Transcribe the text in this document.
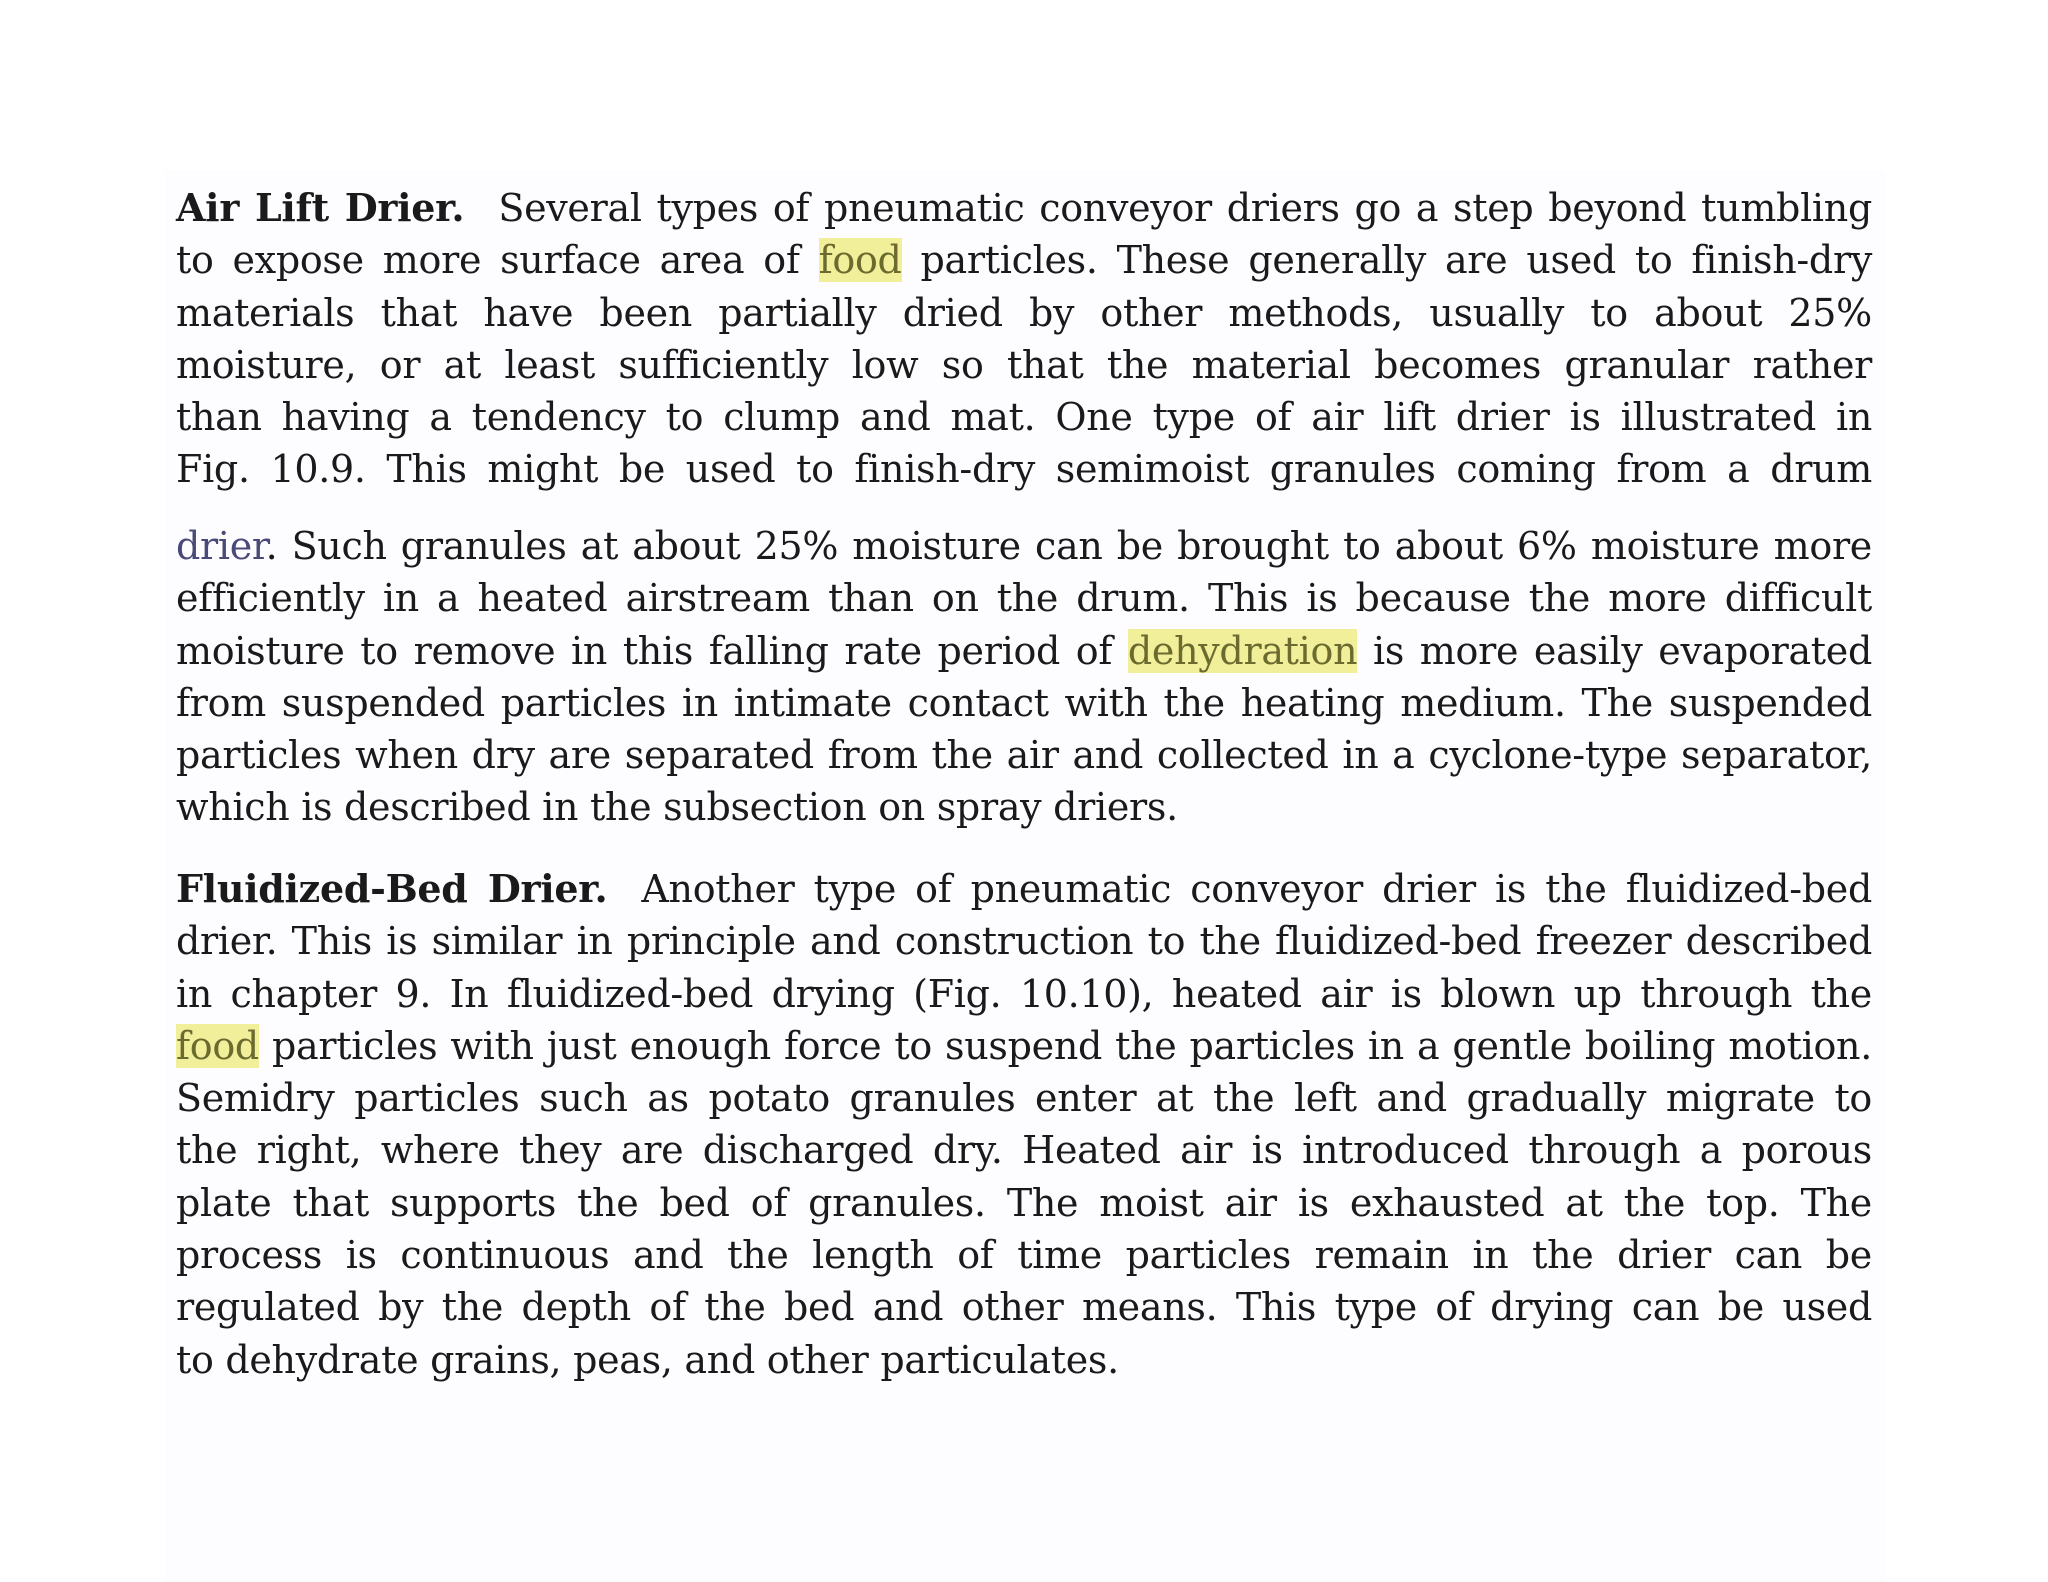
Air Lift Drier. Several types of pneumatic conveyor driers go a step beyond tumbling
to expose more surface area of food particles. These generally are used to finish-dry
materials that have been partially dried by other methods, usually to about 25%
moisture, or at least sufficiently low so that the material becomes granular rather
than having a tendency to clump and mat. One type of air lift drier is illustrated in
Fig. 10.9. This might be used to finish-dry semimoist granules coming from a drum
drier. Such granules at about 25% moisture can be brought to about 6% moisture more
efficiently in a heated airstream than on the drum. This is because the more difficult
moisture to remove in this falling rate period of dehydration is more easily evaporated
from suspended particles in intimate contact with the heating medium. The suspended
particles when dry are separated from the air and collected in a cyclone-type separator,
which is described in the subsection on spray driers.
Fluidized-Bed Drier. Another type of pneumatic conveyor drier is the fluidized-bed
drier. This is similar in principle and construction to the fluidized-bed freezer described
in chapter 9. In fluidized-bed drying (Fig. 10.10), heated air is blown up through the
food particles with just enough force to suspend the particles in a gentle boiling motion.
Semidry particles such as potato granules enter at the left and gradually migrate to
the right, where they are discharged dry. Heated air is introduced through a porous
plate that supports the bed of granules. The moist air is exhausted at the top. The
process is continuous and the length of time particles remain in the drier can be
regulated by the depth of the bed and other means. This type of drying can be used
to dehydrate grains, peas, and other particulates.
